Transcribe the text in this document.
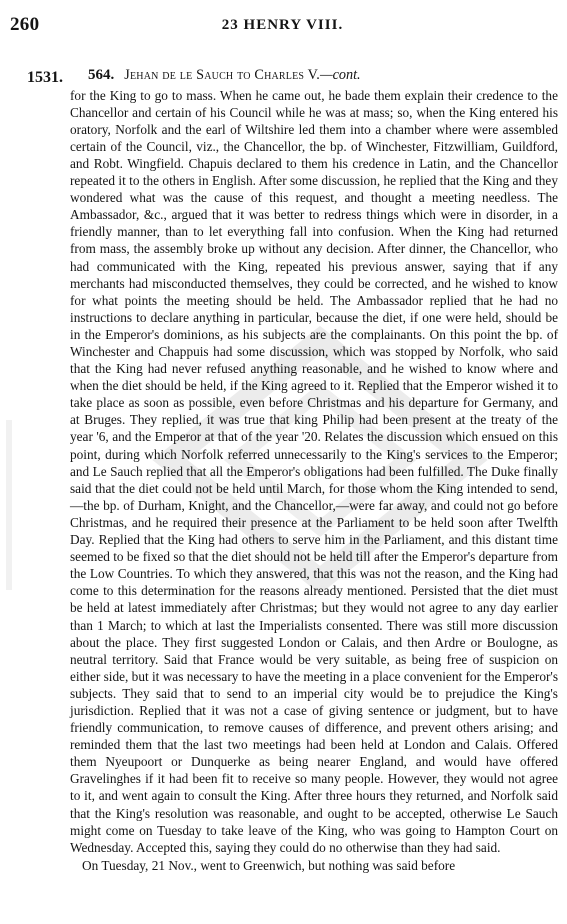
260	23 HENRY VIII.
1531. 564. Jehan de le Sauch to Charles V.—cont.

for the King to go to mass. When he came out, he bade them explain their credence to the Chancellor and certain of his Council while he was at mass; so, when the King entered his oratory, Norfolk and the earl of Wiltshire led them into a chamber where were assembled certain of the Council, viz., the Chancellor, the bp. of Winchester, Fitzwilliam, Guildford, and Robt. Wingfield. Chapuis declared to them his credence in Latin, and the Chancellor repeated it to the others in English. After some discussion, he replied that the King and they wondered what was the cause of this request, and thought a meeting needless. The Ambassador, &c., argued that it was better to redress things which were in disorder, in a friendly manner, than to let everything fall into confusion. When the King had returned from mass, the assembly broke up without any decision. After dinner, the Chancellor, who had communicated with the King, repeated his previous answer, saying that if any merchants had misconducted themselves, they could be corrected, and he wished to know for what points the meeting should be held. The Ambassador replied that he had no instructions to declare anything in particular, because the diet, if one were held, should be in the Emperor's dominions, as his subjects are the complainants. On this point the bp. of Winchester and Chappuis had some discussion, which was stopped by Norfolk, who said that the King had never refused anything reasonable, and he wished to know where and when the diet should be held, if the King agreed to it. Replied that the Emperor wished it to take place as soon as possible, even before Christmas and his departure for Germany, and at Bruges. They replied, it was true that king Philip had been present at the treaty of the year '6, and the Emperor at that of the year '20. Relates the discussion which ensued on this point, during which Norfolk referred unnecessarily to the King's services to the Emperor; and Le Sauch replied that all the Emperor's obligations had been fulfilled. The Duke finally said that the diet could not be held until March, for those whom the King intended to send,—the bp. of Durham, Knight, and the Chancellor,—were far away, and could not go before Christmas, and he required their presence at the Parliament to be held soon after Twelfth Day. Replied that the King had others to serve him in the Parliament, and this distant time seemed to be fixed so that the diet should not be held till after the Emperor's departure from the Low Countries. To which they answered, that this was not the reason, and the King had come to this determination for the reasons already mentioned. Persisted that the diet must be held at latest immediately after Christmas; but they would not agree to any day earlier than 1 March; to which at last the Imperialists consented. There was still more discussion about the place. They first suggested London or Calais, and then Ardre or Boulogne, as neutral territory. Said that France would be very suitable, as being free of suspicion on either side, but it was necessary to have the meeting in a place convenient for the Emperor's subjects. They said that to send to an imperial city would be to prejudice the King's jurisdiction. Replied that it was not a case of giving sentence or judgment, but to have friendly communication, to remove causes of difference, and prevent others arising; and reminded them that the last two meetings had been held at London and Calais. Offered them Nyeupoort or Dunquerke as being nearer England, and would have offered Gravelinghes if it had been fit to receive so many people. However, they would not agree to it, and went again to consult the King. After three hours they returned, and Norfolk said that the King's resolution was reasonable, and ought to be accepted, otherwise Le Sauch might come on Tuesday to take leave of the King, who was going to Hampton Court on Wednesday. Accepted this, saying they could do no otherwise than they had said.

On Tuesday, 21 Nov., went to Greenwich, but nothing was said before
